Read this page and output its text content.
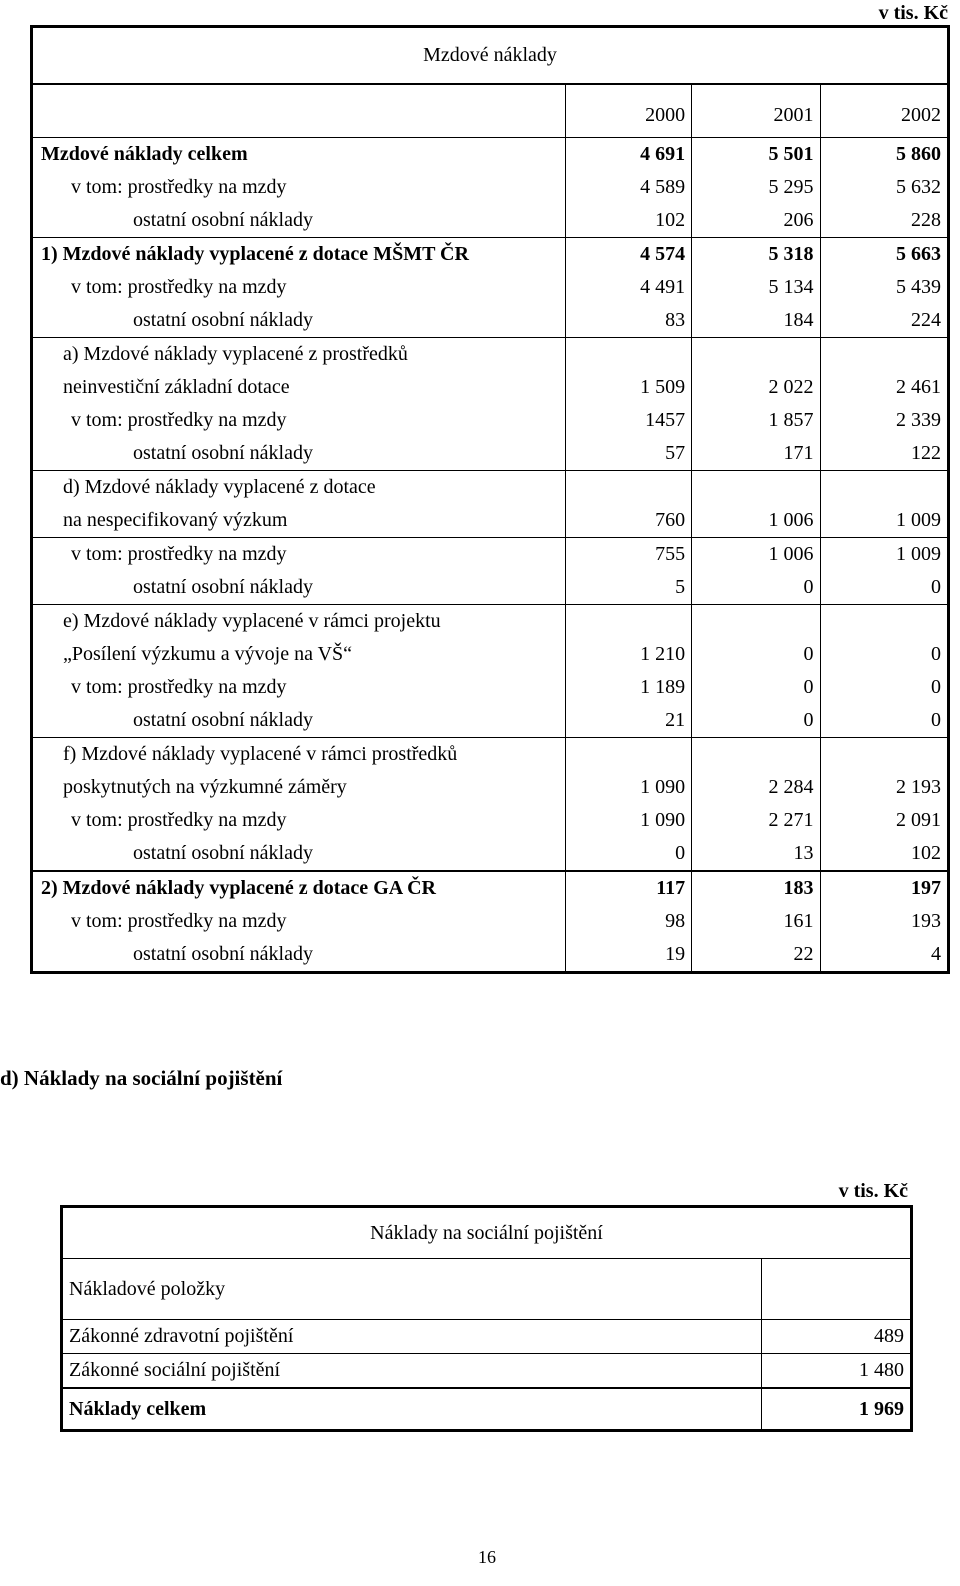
v tis. Kč
Mzdové náklady			
	2000	2001	2002
Mzdové náklady celkem	4 691	5 501	5 860
v tom: prostředky na mzdy	4 589	5 295	5 632
ostatní osobní náklady	102	206	228
1) Mzdové náklady vyplacené z dotace MŠMT ČR	4 574	5 318	5 663
v tom: prostředky na mzdy	4 491	5 134	5 439
ostatní osobní náklady	83	184	224
a) Mzdové náklady vyplacené z prostředků			
neinvestiční základní dotace	1 509	2 022	2 461
v tom: prostředky na mzdy	1457	1 857	2 339
ostatní osobní náklady	57	171	122
d) Mzdové náklady vyplacené z dotace			
na nespecifikovaný výzkum	760	1 006	1 009
v tom: prostředky na mzdy	755	1 006	1 009
ostatní osobní náklady	5	0	0
e) Mzdové náklady vyplacené v rámci projektu			
„Posílení výzkumu a vývoje na VŠ“	1 210	0	0
v tom: prostředky na mzdy	1 189	0	0
ostatní osobní náklady	21	0	0
f) Mzdové náklady vyplacené v rámci prostředků			
poskytnutých na výzkumné záměry	1 090	2 284	2 193
v tom: prostředky na mzdy	1 090	2 271	2 091
ostatní osobní náklady	0	13	102
2) Mzdové náklady vyplacené z dotace GA ČR	117	183	197
v tom: prostředky na mzdy	98	161	193
ostatní osobní náklady	19	22	4
d) Náklady na sociální pojištění
v tis. Kč
Náklady na sociální pojištění	
Nákladové položky	
Zákonné zdravotní pojištění	489
Zákonné sociální pojištění	1 480
Náklady celkem	1 969
16
